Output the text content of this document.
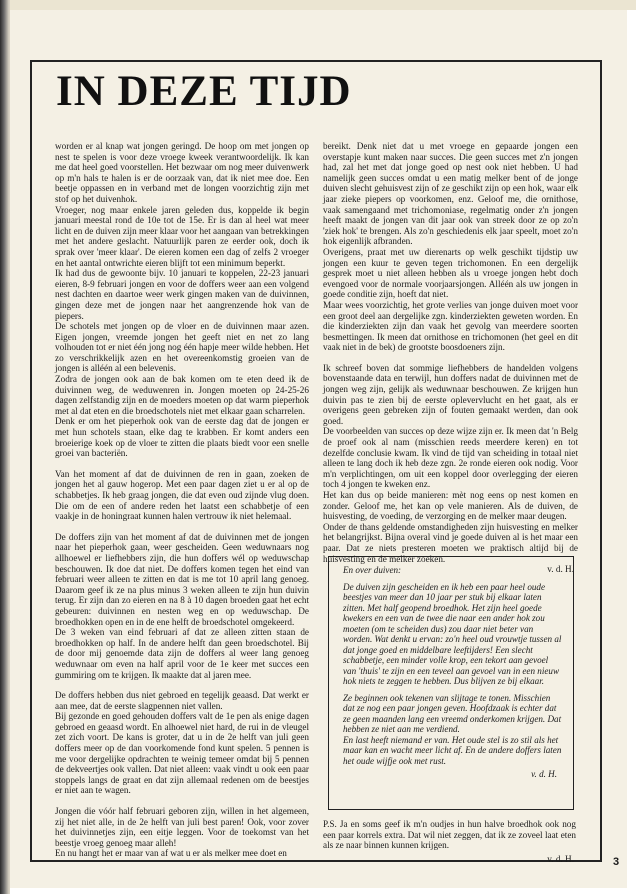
IN DEZE TIJD

worden er al knap wat jongen geringd. De hoop om met jongen op nest te spelen is voor deze vroege kweek verantwoordelijk. Ik kan me dat heel goed voorstellen. Het bezwaar om nog meer duivenwerk op m'n hals te halen is er de oorzaak van, dat ik niet mee doe. Een beetje oppassen en in verband met de longen voorzichtig zijn met stof op het duivenhok.

Vroeger, nog maar enkele jaren geleden dus, koppelde ik begin januari meestal rond de 10e tot de 15e. Er is dan al heel wat meer licht en de duiven zijn meer klaar voor het aangaan van betrekkingen met het andere geslacht. Natuurlijk paren ze eerder ook, doch ik sprak over 'meer klaar'. De eieren komen een dag of zelfs 2 vroeger en het aantal ontwrichte eieren blijft tot een minimum beperkt.

Ik had dus de gewoonte bijv. 10 januari te koppelen, 22-23 januari eieren, 8-9 februari jongen en voor de doffers weer aan een volgend nest dachten en daartoe weer werk gingen maken van de duivinnen, gingen deze met de jongen naar het aangrenzende hok van de piepers.

De schotels met jongen op de vloer en de duivinnen maar azen. Eigen jongen, vreemde jongen het geeft niet en net zo lang volhouden tot er niet één jong nog één hapje meer wilde hebben. Het zo verschrikkelijk azen en het overeenkomstig groeien van de jongen is alléén al een belevenis.

Zodra de jongen ook aan de bak komen om te eten deed ik de duivinnen weg, de weduwenren in. Jongen moeten op 24-25-26 dagen zelfstandig zijn en de moeders moeten op dat warm pieperhok met al dat eten en die broedschotels niet met elkaar gaan scharrelen.

Denk er om het pieperhok ook van de eerste dag dat de jongen er met hun schotels staan, elke dag te krabben. Er komt anders een broeierige koek op de vloer te zitten die plaats biedt voor een snelle groei van bacteriën.

Van het moment af dat de duivinnen de ren in gaan, zoeken de jongen het al gauw hogerop. Met een paar dagen ziet u er al op de schabbetjes. Ik heb graag jongen, die dat even oud zijnde vlug doen. Die om de een of andere reden het laatst een schabbetje of een vaakje in de honingraat kunnen halen vertrouw ik niet helemaal.

De doffers zijn van het moment af dat de duivinnen met de jongen naar het pieperhok gaan, weer gescheiden. Geen weduwnaars nog allhoewel er liefhebbers zijn, die hun doffers wél op weduwschap beschouwen. Ik doe dat niet. De doffers komen tegen het eind van februari weer alleen te zitten en dat is me tot 10 april lang genoeg. Daarom geef ik ze na plus minus 3 weken alleen te zijn hun duivin terug. Er zijn dan zo eieren en na 8 à 10 dagen broeden gaat het echt gebeuren: duivinnen en nesten weg en op weduwschap. De broedhokken open en in de ene helft de broedschotel omgekeerd.

De 3 weken van eind februari af dat ze alleen zitten staan de broedhokken op half. In de andere helft dan geen broedschotel. Bij de door mij genoemde data zijn de doffers al weer lang genoeg weduwnaar om even na half april voor de 1e keer met succes een gummiring om te krijgen. Ik maakte dat al jaren mee.

De doffers hebben dus niet gebroed en tegelijk geaasd. Dat werkt er aan mee, dat de eerste slagpennen niet vallen.

Bij gezonde en goed gehouden doffers valt de 1e pen als enige dagen gebroed en geaasd wordt. En alhoewel niet hard, de rui in de vleugel zet zich voort. De kans is groter, dat u in de 2e helft van juli geen doffers meer op de dan voorkomende fond kunt spelen. 5 pennen is me voor dergelijke opdrachten te weinig temeer omdat bij 5 pennen de dekveertjes ook vallen. Dat niet alleen: vaak vindt u ook een paar stoppels langs de graat en dat zijn allemaal redenen om de beestjes er niet aan te wagen.

Jongen die vóór half februari geboren zijn, willen in het algemeen, zij het niet alle, in de 2e helft van juli best paren! Ook, voor zover het duivinnetjes zijn, een eitje leggen. Voor de toekomst van het beestje vroeg genoeg maar alleh!

En nu hangt het er maar van af wat u er als melker mee doet en

bereikt. Denk niet dat u met vroege en gepaarde jongen een overstapje kunt maken naar succes. Die geen succes met z'n jongen had, zal het met dat jonge goed op nest ook niet hebben. U had namelijk geen succes omdat u een matig melker bent of de jonge duiven slecht gehuisvest zijn of ze geschikt zijn op een hok, waar elk jaar zieke piepers op voorkomen, enz. Geloof me, die ornithose, vaak samengaand met trichomoniase, regelmatig onder z'n jongen heeft maakt de jongen van dit jaar ook van streek door ze op zo'n 'ziek hok' te brengen. Als zo'n geschiedenis elk jaar speelt, moet zo'n hok eigenlijk afbranden.

Overigens, praat met uw dierenarts op welk geschikt tijdstip uw jongen een kuur te geven tegen trichomonen. En een dergelijk gesprek moet u niet alleen hebben als u vroege jongen hebt doch evengoed voor de normale voorjaarsjongen. Alléén als uw jongen in goede conditie zijn, hoeft dat niet.

Maar wees voorzichtig, het grote verlies van jonge duiven moet voor een groot deel aan dergelijke zgn. kinderziekten geweten worden. En die kinderziekten zijn dan vaak het gevolg van meerdere soorten besmettingen. Ik meen dat ornithose en trichomonen (het geel en dit vaak niet in de bek) de grootste boosdoeners zijn.

Ik schreef boven dat sommige liefhebbers de handelden volgens bovenstaande data en terwijl, hun doffers nadat de duivinnen met de jongen weg zijn, gelijk als weduwnaar beschouwen. Ze krijgen hun duivin pas te zien bij de eerste oplevervlucht en het gaat, als er overigens geen gebreken zijn of fouten gemaakt werden, dan ook goed.

De voorbeelden van succes op deze wijze zijn er. Ik meen dat 'n Belg de proef ook al nam (misschien reeds meerdere keren) en tot dezelfde conclusie kwam. Ik vind de tijd van scheiding in totaal niet alleen te lang doch ik heb deze zgn. 2e ronde eieren ook nodig. Voor m'n verplichtingen, om uit een koppel door overlegging der eieren toch 4 jongen te kweken enz.

Het kan dus op beide manieren: mèt nog eens op nest komen en zonder. Geloof me, het kan op vele manieren. Als de duiven, de huisvesting, de voeding, de verzorging en de melker maar deugen.

Onder de thans geldende omstandigheden zijn huisvesting en melker het belangrijkst. Bijna overal vind je goede duiven al is het maar een paar. Dat ze niets presteren moeten we praktisch altijd bij de huisvesting en de melker zoeken.

v. d. H.

En over duiven:

De duiven zijn gescheiden en ik heb een paar heel oude beestjes van meer dan 10 jaar per stuk bij elkaar laten zitten. Met half geopend broedhok. Het zijn heel goede kwekers en een van de twee die naar een ander hok zou moeten (om te scheiden dus) zou daar niet beter van worden. Wat denkt u ervan: zo'n heel oud vrouwtje tussen al dat jonge goed en middelbare leeftijders! Een slecht schabbetje, een minder volle krop, een tekort aan gevoel van 'thuis' te zijn en een teveel aan gevoel van in een nieuw hok niets te zeggen te hebben. Dus blijven ze bij elkaar.

Ze beginnen ook tekenen van slijtage te tonen. Misschien dat ze nog een paar jongen geven. Hoofdzaak is echter dat ze geen maanden lang een vreemd onderkomen krijgen. Dat hebben ze niet aan me verdiend.

En last heeft niemand er van. Het oude stel is zo stil als het maar kan en wacht meer licht af. En de andere doffers laten het oude wijfje ook met rust.

v. d. H.

P.S. Ja en soms geef ik m'n oudjes in hun halve broedhok ook nog een paar korrels extra. Dat wil niet zeggen, dat ik ze zoveel laat eten als ze naar binnen kunnen krijgen.

v. d. H.	3
